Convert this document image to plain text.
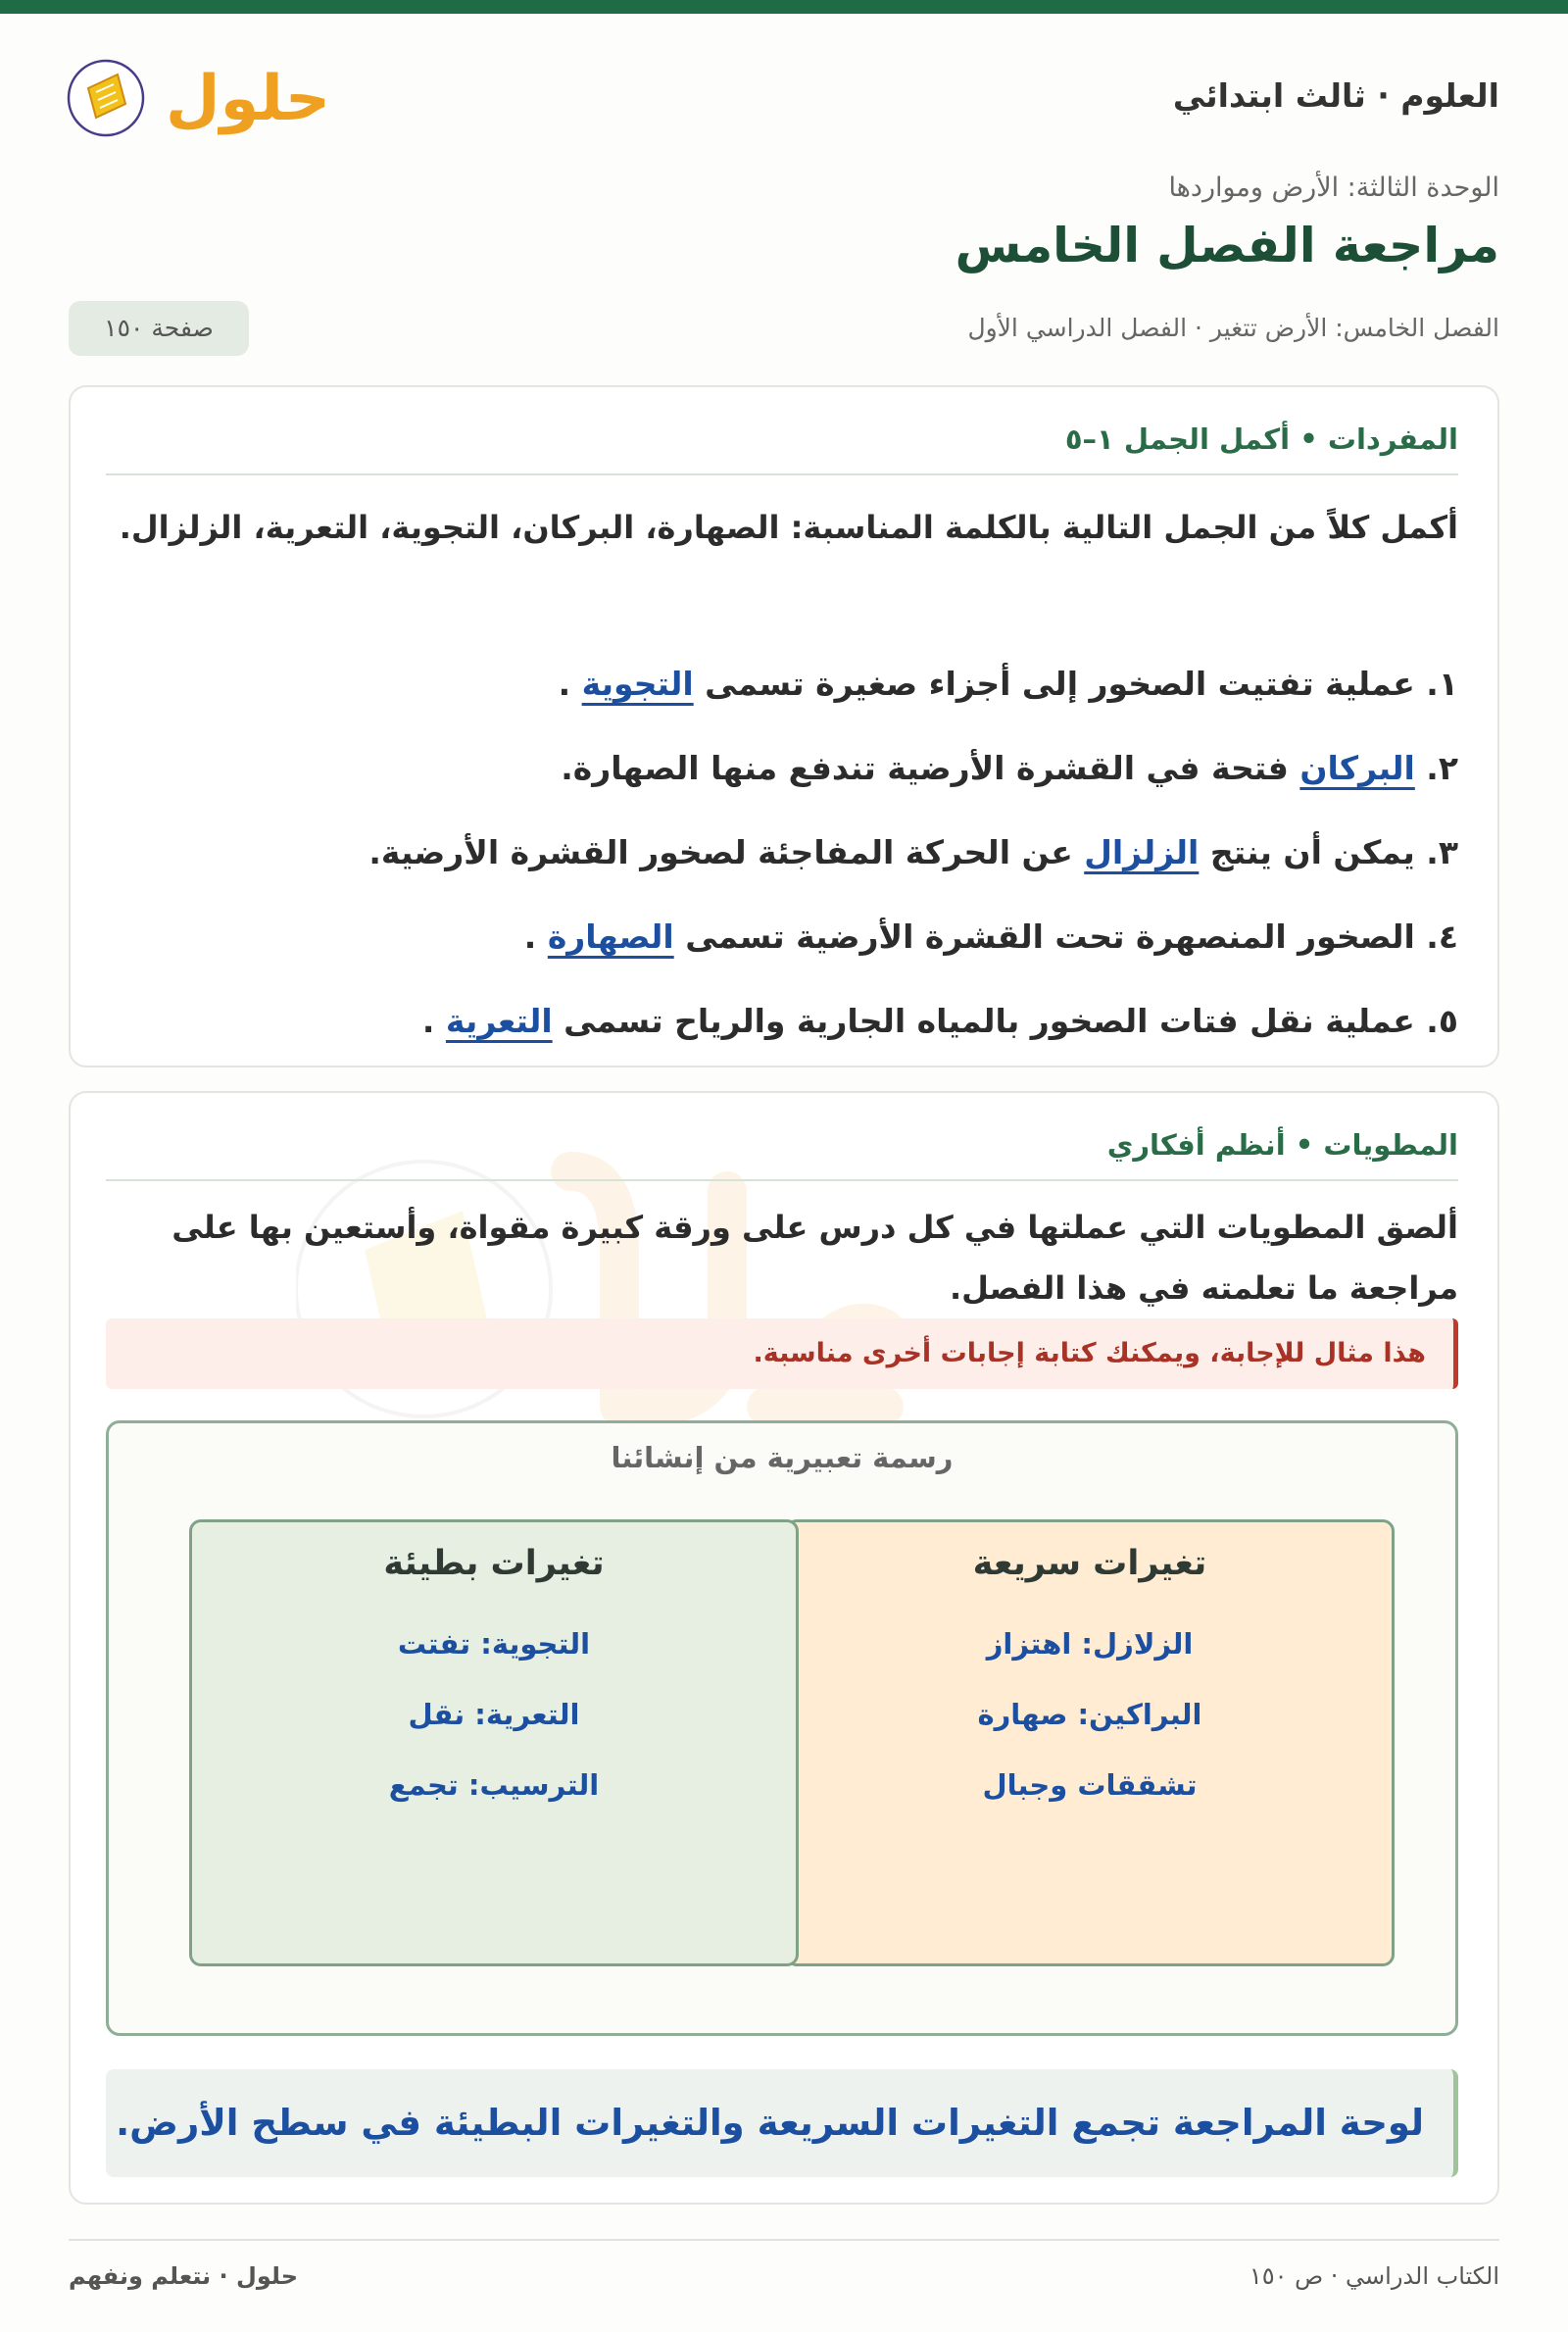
العلوم · ثالث ابتدائي
حلول
الوحدة الثالثة: الأرض ومواردها
مراجعة الفصل الخامس
الفصل الخامس: الأرض تتغير · الفصل الدراسي الأول
صفحة ١٥٠
المفردات • أكمل الجمل ١–٥
أكمل كلاً من الجمل التالية بالكلمة المناسبة: الصهارة، البركان، التجوية، التعرية، الزلزال.
١. عملية تفتيت الصخور إلى أجزاء صغيرة تسمى التجوية .
٢. البركان فتحة في القشرة الأرضية تندفع منها الصهارة.
٣. يمكن أن ينتج الزلزال عن الحركة المفاجئة لصخور القشرة الأرضية.
٤. الصخور المنصهرة تحت القشرة الأرضية تسمى الصهارة .
٥. عملية نقل فتات الصخور بالمياه الجارية والرياح تسمى التعرية .
المطويات • أنظم أفكاري
ألصق المطويات التي عملتها في كل درس على ورقة كبيرة مقواة، وأستعين بها على مراجعة ما تعلمته في هذا الفصل.
هذا مثال للإجابة، ويمكنك كتابة إجابات أخرى مناسبة.
رسمة تعبيرية من إنشائنا
تغيرات سريعة
الزلازل: اهتزاز
البراكين: صهارة
تشققات وجبال
تغيرات بطيئة
التجوية: تفتت
التعرية: نقل
الترسيب: تجمع
لوحة المراجعة تجمع التغيرات السريعة والتغيرات البطيئة في سطح الأرض.
الكتاب الدراسي · ص ١٥٠
حلول · نتعلم ونفهم
